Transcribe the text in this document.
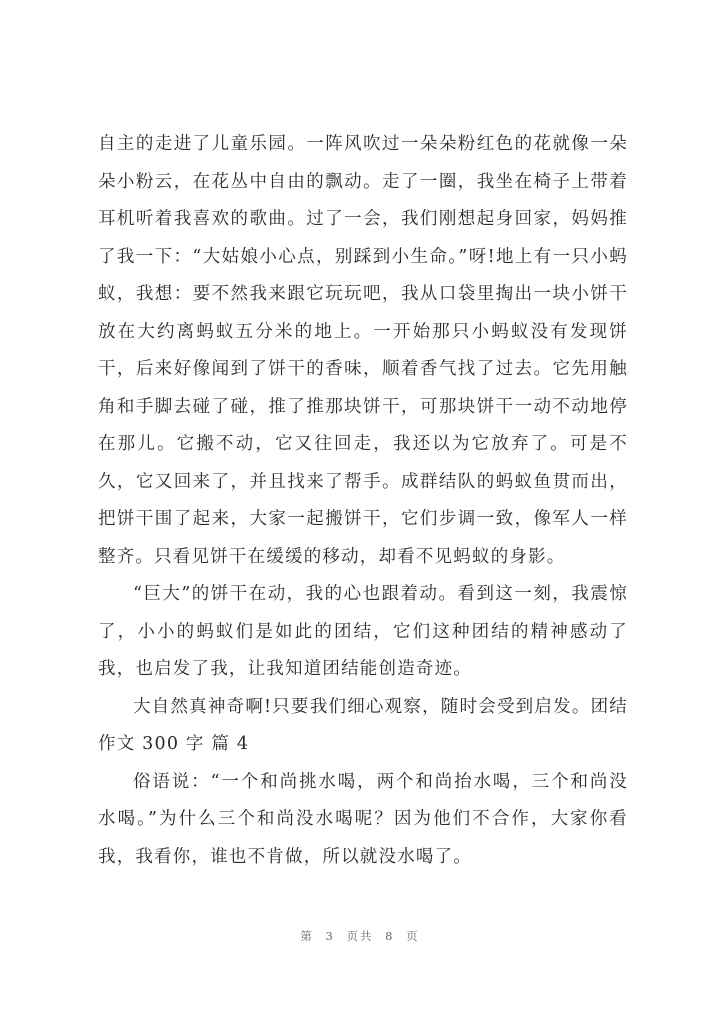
自主的走进了儿童乐园。一阵风吹过一朵朵粉红色的花就像一朵朵小粉云，在花丛中自由的飘动。走了一圈，我坐在椅子上带着耳机听着我喜欢的歌曲。过了一会，我们刚想起身回家，妈妈推了我一下：“大姑娘小心点，别踩到小生命。”呀!地上有一只小蚂蚁，我想：要不然我来跟它玩玩吧，我从口袋里掏出一块小饼干放在大约离蚂蚁五分米的地上。一开始那只小蚂蚁没有发现饼干，后来好像闻到了饼干的香味，顺着香气找了过去。它先用触角和手脚去碰了碰，推了推那块饼干，可那块饼干一动不动地停在那儿。它搬不动，它又往回走，我还以为它放弃了。可是不久，它又回来了，并且找来了帮手。成群结队的蚂蚁鱼贯而出，把饼干围了起来，大家一起搬饼干，它们步调一致，像军人一样整齐。只看见饼干在缓缓的移动，却看不见蚂蚁的身影。

“巨大”的饼干在动，我的心也跟着动。看到这一刻，我震惊了，小小的蚂蚁们是如此的团结，它们这种团结的精神感动了我，也启发了我，让我知道团结能创造奇迹。

大自然真神奇啊!只要我们细心观察，随时会受到启发。团结作文 300 字 篇 4

俗语说：“一个和尚挑水喝，两个和尚抬水喝，三个和尚没水喝。”为什么三个和尚没水喝呢？因为他们不合作，大家你看我，我看你，谁也不肯做，所以就没水喝了。

第 3 页共 8 页
